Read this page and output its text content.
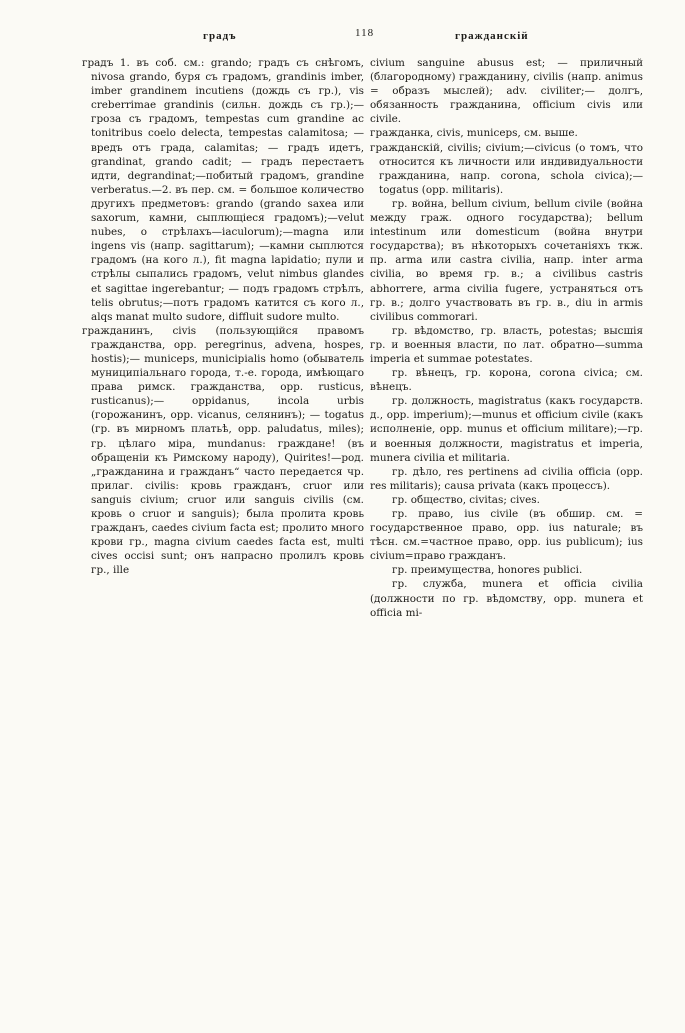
градъ	118	гражданскій

градъ 1. въ соб. см.: grando; градъ съ снѣгомъ, nivosa grando, буря съ градомъ, grandinis imber, imber grandinem incutiens (дождь съ гр.), vis creberrimae grandinis (сильн. дождь съ гр.);—гроза съ градомъ, tempestas cum grandine ac tonitribus coelo delecta, tempestas calamitosa; — вредъ отъ града, calamitas; — градъ идетъ, grandinat, grando cadit; — градъ перестаетъ идти, degrandinat;—побитый градомъ, grandine verberatus.—2. въ пер. см. = большое количество другихъ предметовъ: grando (grando saxea или saxorum, камни, сыплющіеся градомъ);—velut nubes, о стрѣлахъ—iaculorum);—magna или ingens vis (напр. sagittarum); —камни сыплются градомъ (на кого л.), fit magna lapidatio; пули и стрѣлы сыпались градомъ, velut nimbus glandes et sagittae ingerebantur; — подъ градомъ стрѣлъ, telis obrutus;—потъ градомъ катится съ кого л., alqs manat multo sudore, diffluit sudore multo.

гражданинъ, civis (пользующійся правомъ гражданства, opp. peregrinus, advena, hospes, hostis);— municeps, municipialis homo (обыватель муниципіальнаго города, т.-е. города, имѣющаго права римск. гражданства, opp. rusticus, rusticanus);— oppidanus, incola urbis (горожанинъ, opp. vicanus, селянинъ); — togatus (гр. въ мирномъ платьѣ, opp. paludatus, miles); гр. цѣлаго міра, mundanus: граждане! (въ обращеніи къ Римскому народу), Quirites!—род. „гражданина и гражданъ“ часто передается чр. прилаг. civilis: кровь гражданъ, cruor или sanguis civium; cruor или sanguis civilis (см. кровь о cruor и sanguis); была пролита кровь гражданъ, caedes civium facta est; пролито много крови гр., magna civium caedes facta est, multi cives occisi sunt; онъ напрасно пролилъ кровь гр., ille

civium sanguine abusus est; — приличный (благородному) гражданину, civilis (напр. animus = образъ мыслей); adv. civiliter;— долгъ, обязанность гражданина, officium civis или civile.

гражданка, civis, municeps, см. выше.

гражданскій, civilis; civium;—civicus (о томъ, что относится къ личности или индивидуальности гражданина, напр. corona, schola civica);—togatus (opp. militaris).

гр. война, bellum civium, bellum civile (война между граж. одного государства); bellum intestinum или domesticum (война внутри государства); въ нѣкоторыхъ сочетаніяхъ ткж. пр. arma или castra civilia, напр. inter arma civilia, во время гр. в.; a civilibus castris abhorrere, arma civilia fugere, устраняться отъ гр. в.; долго участвовать въ гр. в., diu in armis civilibus commorari.

гр. вѣдомство, гр. власть, potestas; высшія гр. и военныя власти, по лат. обратно—summa imperia et summae potestates.

гр. вѣнецъ, гр. корона, corona civica; см. вѣнецъ.

гр. должность, magistratus (какъ государств. д., opp. imperium);—munus et officium civile (какъ исполненіе, opp. munus et officium militare);—гр. и военныя должности, magistratus et imperia, munera civilia et militaria.

гр. дѣло, res pertinens ad civilia officia (opp. res militaris); causa privata (какъ процессъ).

гр. общество, civitas; cives.

гр. право, ius civile (въ обшир. см. = государственное право, opp. ius naturale; въ тѣсн. см.=частное право, opp. ius publicum); ius civium=право гражданъ.

гр. преимущества, honores publici.

гр. служба, munera et officia civilia (должности по гр. вѣдомству, opp. munera et officia mi-
